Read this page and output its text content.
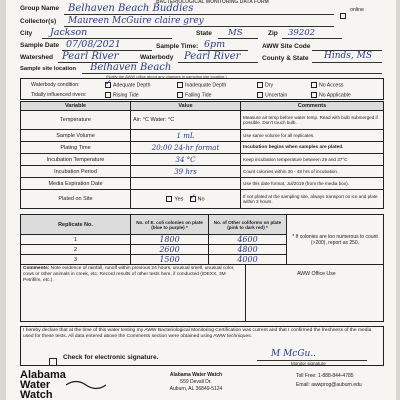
BACTERIOLOGICAL MONITORING DATA FORM
Group Name Belhaven Beach Buddies	online
Collector(s) Maureen McGuire claire grey
City Jackson	State MS	Zip 39202
Sample Date 07/08/2021	Sample Time: 6pm	AWW Site Code
Watershed Pearl River	Waterbody Pearl River	County & State Hinds, MS
Sample site location Belhaven Beach
(Notify the AWW office about any changes in sampling site location.)
Waterbody condition: ✓	Adequate Depth	Inadequate Depth	Dry	No Access
Tidally influenced rivers:	Rising Tide	Falling Tide	Uncertain	No Applicable
Variable	Value	Comments
Temperature	Air: °C Water: °C	Measure air temp before water temp. Read with bulb submerged if possible. Don't touch bulb.
Sample Volume	1 mL	Use same volume for all replicates.
Plating Time	20:00 24-hr format	Incubation begins when samples are plated.
Incubation Temperature	34 °C	Keep incubation temperature between 29 and 37°C
Incubation Period	39 hrs	Count colonies within 30 - 48 hrs of incubation.
Media Expiration Date		Use this date format, Jul/2019 (from the media box).
Plated on Site	Yes ✓ No	If not plated at the sampling site, always transport on ice and plate within 3 hours.
Replicate No.	No. of E. coli colonies on plate (blue to purple) *	No. of Other coliforms on plate (pink to dark red) *	* If colonies are too numerous to count (>200), report as 250.
1	1800	4600	
2	2600	4800	
3	1500	4000	
Comments: Note evidence of rainfall, runoff within previous 24 hours, unusual smell, unusual color, cows or other animals in creek, etc. Record results of other tests here, if conducted (IDEXX, 3M Petrifilm, etc.).
AWW Office Use
I hereby declare that at the time of this water testing my AWW Bacteriological Monitoring Certification was current and that I confirmed the freshness of the media used for these tests. All data entered above the Comments section were obtained using AWW techniques.
Check for electronic signature.	M McGu..
Monitor signature
Alabama
Water
Watch
Alabama Water Watch
559 Devall Dr.
Auburn, AL 36849-5124
Toll Free: 1-888-844-4785
Email: awwprog@auburn.edu
